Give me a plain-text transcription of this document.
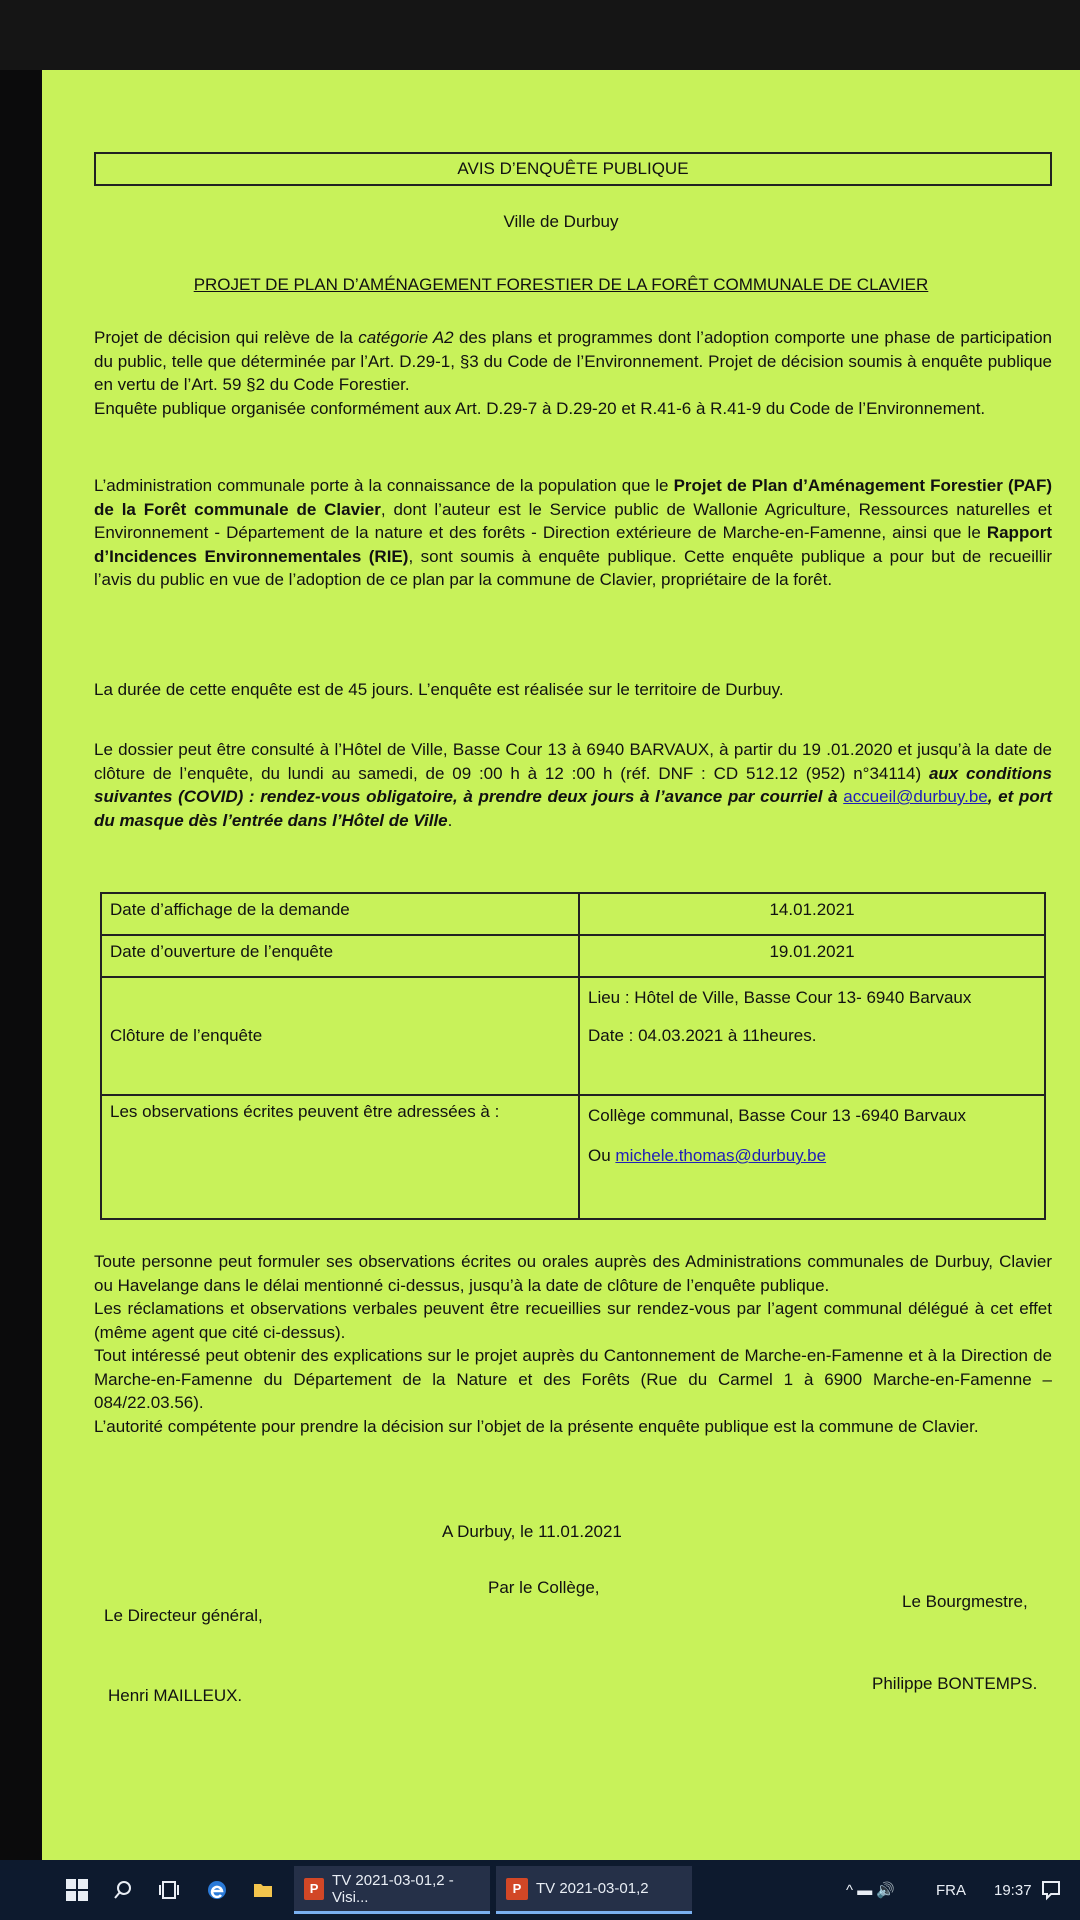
AVIS D’ENQUÊTE PUBLIQUE
Ville de Durbuy
PROJET DE PLAN D’AMÉNAGEMENT FORESTIER DE LA FORÊT COMMUNALE DE CLAVIER
Projet de décision qui relève de la catégorie A2 des plans et programmes dont l’adoption comporte une phase de participation du public, telle que déterminée par l’Art. D.29-1, §3 du Code de l’Environnement. Projet de décision soumis à enquête publique en vertu de l’Art. 59 §2 du Code Forestier.
Enquête publique organisée conformément aux Art. D.29-7 à D.29-20 et R.41-6 à R.41-9 du Code de l’Environnement.
L’administration communale porte à la connaissance de la population que le Projet de Plan d’Aménagement Forestier (PAF) de la Forêt communale de Clavier, dont l’auteur est le Service public de Wallonie Agriculture, Ressources naturelles et Environnement - Département de la nature et des forêts - Direction extérieure de Marche-en-Famenne, ainsi que le Rapport d’Incidences Environnementales (RIE), sont soumis à enquête publique. Cette enquête publique a pour but de recueillir l’avis du public en vue de l’adoption de ce plan par la commune de Clavier, propriétaire de la forêt.
La durée de cette enquête est de 45 jours. L’enquête est réalisée sur le territoire de Durbuy.
Le dossier peut être consulté à l’Hôtel de Ville, Basse Cour 13 à 6940 BARVAUX, à partir du 19 .01.2020 et jusqu’à la date de clôture de l’enquête, du lundi au samedi, de 09 :00 h à 12 :00 h (réf. DNF : CD 512.12 (952) n°34114) aux conditions suivantes (COVID) : rendez-vous obligatoire, à prendre deux jours à l’avance par courriel à accueil@durbuy.be, et port du masque dès l’entrée dans l’Hôtel de Ville.
Date d’affichage de la demande	14.01.2021
Date d’ouverture de l’enquête	19.01.2021
Clôture de l’enquête	Lieu : Hôtel de Ville, Basse Cour 13- 6940 Barvaux
Date : 04.03.2021 à 11heures.

Les observations écrites peuvent être adressées à :	Collège communal, Basse Cour 13 -6940 Barvaux
Ou michele.thomas@durbuy.be
Toute personne peut formuler ses observations écrites ou orales auprès des Administrations communales de Durbuy, Clavier ou Havelange dans le délai mentionné ci-dessus, jusqu’à la date de clôture de l’enquête publique.
Les réclamations et observations verbales peuvent être recueillies sur rendez-vous par l’agent communal délégué à cet effet (même agent que cité ci-dessus).
Tout intéressé peut obtenir des explications sur le projet auprès du Cantonnement de Marche-en-Famenne et à la Direction de Marche-en-Famenne du Département de la Nature et des Forêts (Rue du Carmel 1 à 6900 Marche-en-Famenne – 084/22.03.56).
L’autorité compétente pour prendre la décision sur l’objet de la présente enquête publique est la commune de Clavier.
A Durbuy, le 11.01.2021
Par le Collège,
Le Directeur général,
Le Bourgmestre,
Henri MAILLEUX.
Philippe BONTEMPS.
P TV 2021-03-01,2 - Visi...	P TV 2021-03-01,2	^ ▬ 🔊	FRA 19:37
